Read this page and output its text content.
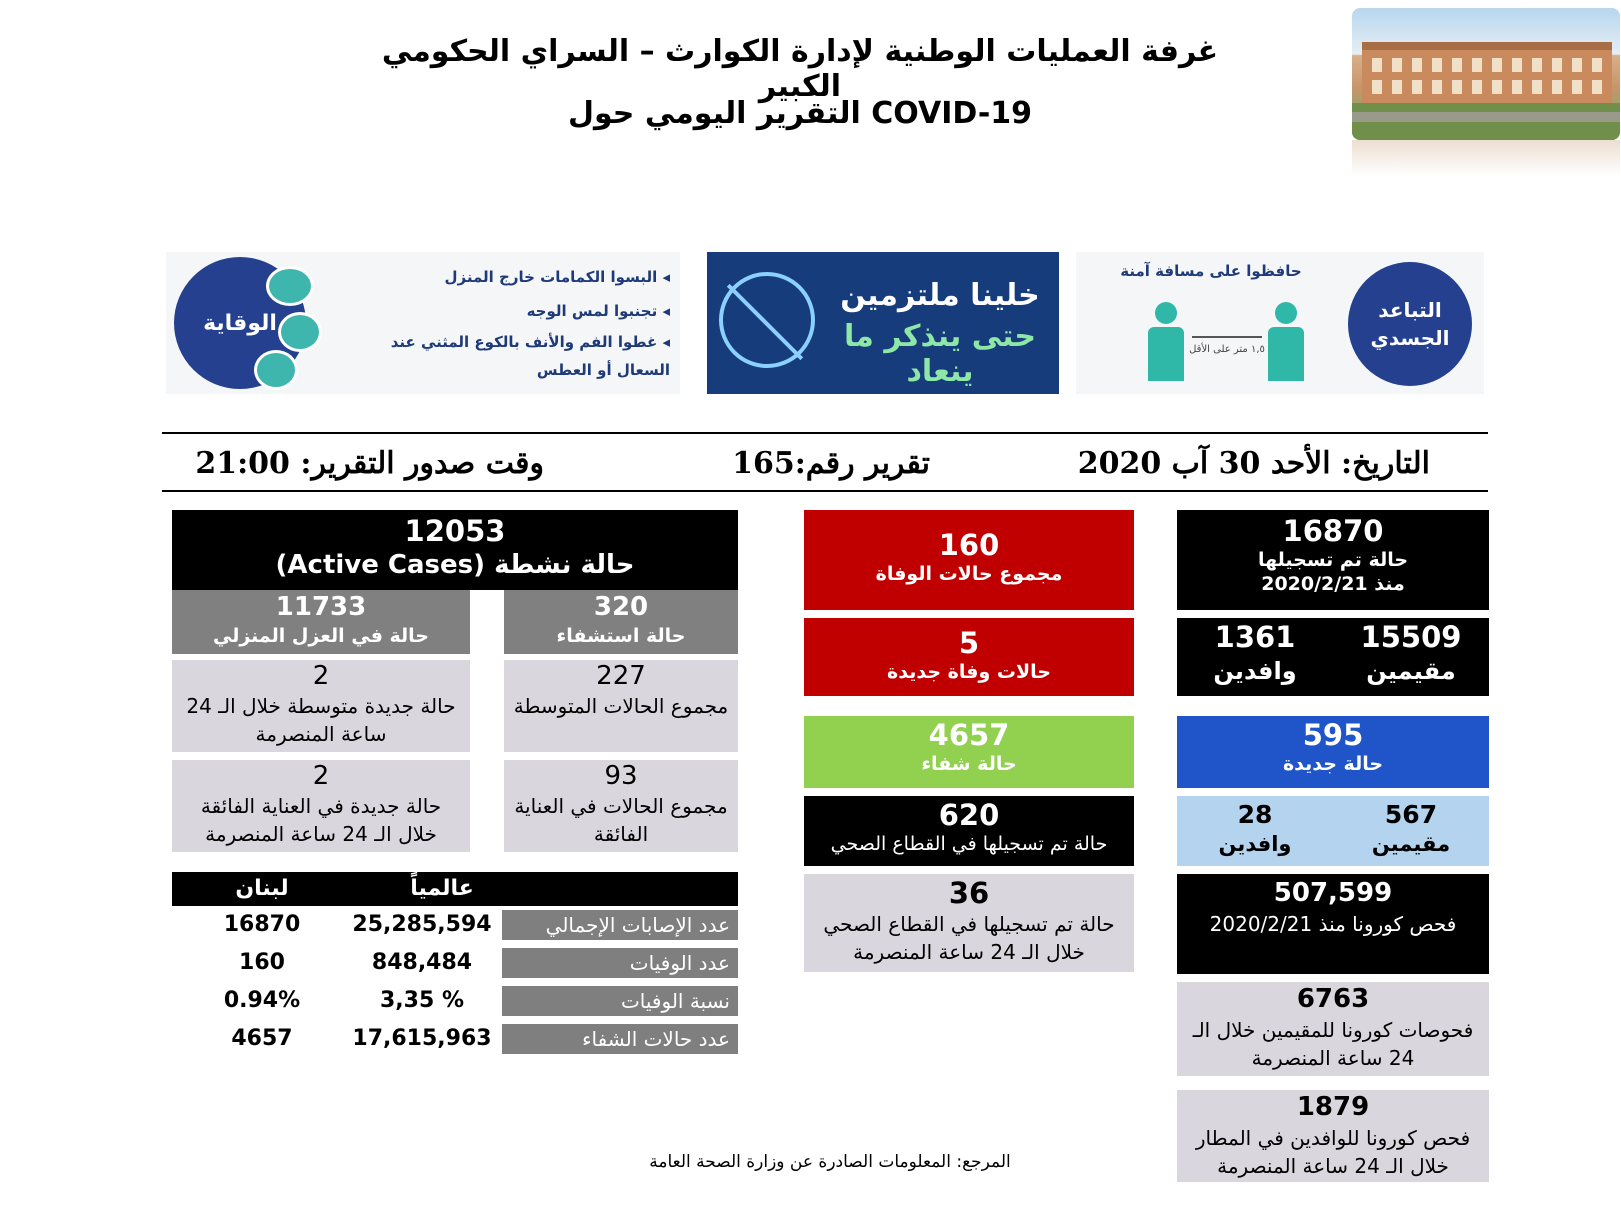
غرفة العمليات الوطنية لإدارة الكوارث – السراي الحكومي الكبير
التقرير اليومي حول COVID-19
الوقاية
◂ البسوا الكمامات خارج المنزل
◂ تجنبوا لمس الوجه
◂ غطوا الفم والأنف بالكوع المثني عند السعال أو العطس
خلينا ملتزمين
حتى ينذكر ما ينعاد
التباعد الجسدي
حافظوا على مسافة آمنة
١,٥ متر على الأقل
التاريخ: الأحد 30 آب 2020
تقرير رقم:165
وقت صدور التقرير: 21:00
16870
حالة تم تسجيلها
منذ 2020/2/21
15509
مقيمين
1361
وافدين
595
حالة جديدة
567
مقيمين
28
وافدين
507,599
فحص كورونا منذ 2020/2/21
6763
فحوصات كورونا للمقيمين خلال الـ 24 ساعة المنصرمة
1879
فحص كورونا للوافدين في المطار خلال الـ 24 ساعة المنصرمة
160
مجموع حالات الوفاة
5
حالات وفاة جديدة
4657
حالة شفاء
620
حالة تم تسجيلها في القطاع الصحي
36
حالة تم تسجيلها في القطاع الصحي خلال الـ 24 ساعة المنصرمة
12053
حالة نشطة (Active Cases)
11733
حالة في العزل المنزلي
320
حالة استشفاء
2
حالة جديدة متوسطة خلال الـ 24 ساعة المنصرمة
227
مجموع الحالات المتوسطة
2
حالة جديدة في العناية الفائقة خلال الـ 24 ساعة المنصرمة
93
مجموع الحالات في العناية الفائقة
عالمياً
لبنان
16870	25,285,594	عدد الإصابات الإجمالي
160	848,484	عدد الوفيات
0.94%	3,35 %	نسبة الوفيات
4657	17,615,963	عدد حالات الشفاء
المرجع: المعلومات الصادرة عن وزارة الصحة العامة
